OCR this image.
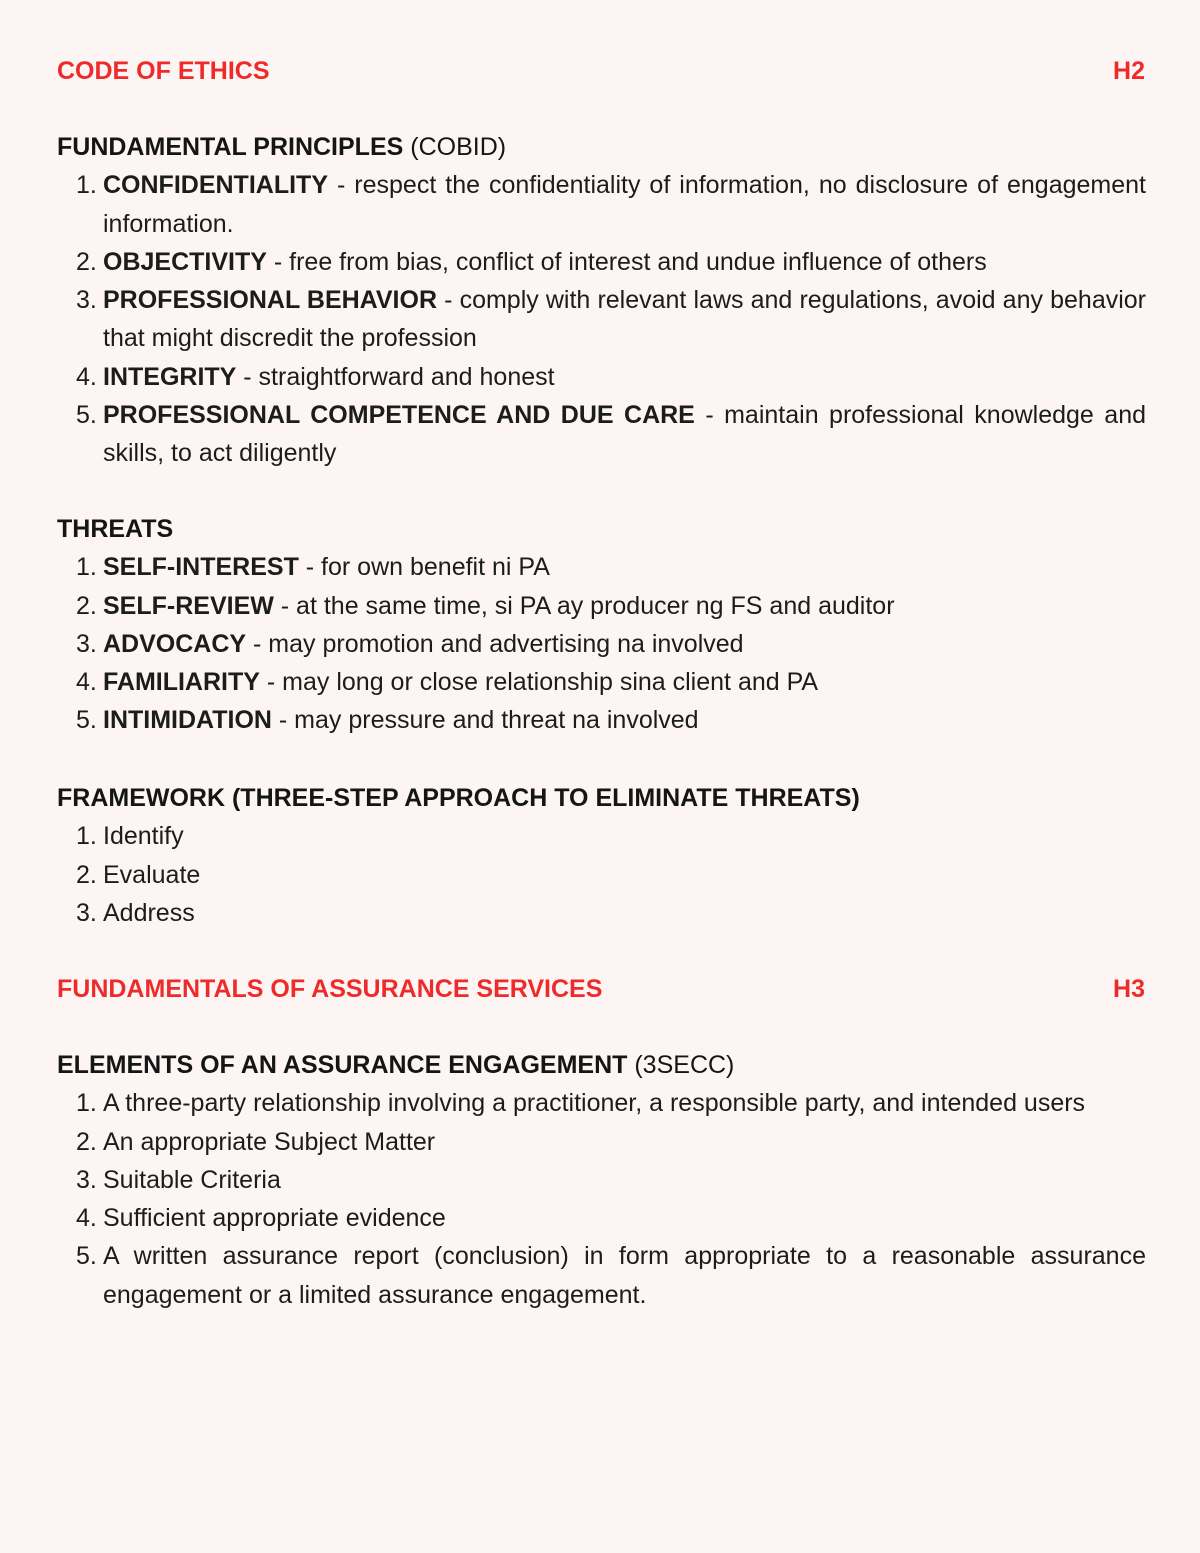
CODE OF ETHICS	H2
FUNDAMENTAL PRINCIPLES (COBID)
1. CONFIDENTIALITY - respect the confidentiality of information, no disclosure of engagement information.
2. OBJECTIVITY - free from bias, conflict of interest and undue influence of others
3. PROFESSIONAL BEHAVIOR - comply with relevant laws and regulations, avoid any behavior that might discredit the profession
4. INTEGRITY - straightforward and honest
5. PROFESSIONAL COMPETENCE AND DUE CARE - maintain professional knowledge and skills, to act diligently
THREATS
1. SELF-INTEREST - for own benefit ni PA
2. SELF-REVIEW - at the same time, si PA ay producer ng FS and auditor
3. ADVOCACY - may promotion and advertising na involved
4. FAMILIARITY - may long or close relationship sina client and PA
5. INTIMIDATION - may pressure and threat na involved
FRAMEWORK (THREE-STEP APPROACH TO ELIMINATE THREATS)
1. Identify
2. Evaluate
3. Address
FUNDAMENTALS OF ASSURANCE SERVICES	H3
ELEMENTS OF AN ASSURANCE ENGAGEMENT (3SECC)
1. A three-party relationship involving a practitioner, a responsible party, and intended users
2. An appropriate Subject Matter
3. Suitable Criteria
4. Sufficient appropriate evidence
5. A written assurance report (conclusion) in form appropriate to a reasonable assurance engagement or a limited assurance engagement.
